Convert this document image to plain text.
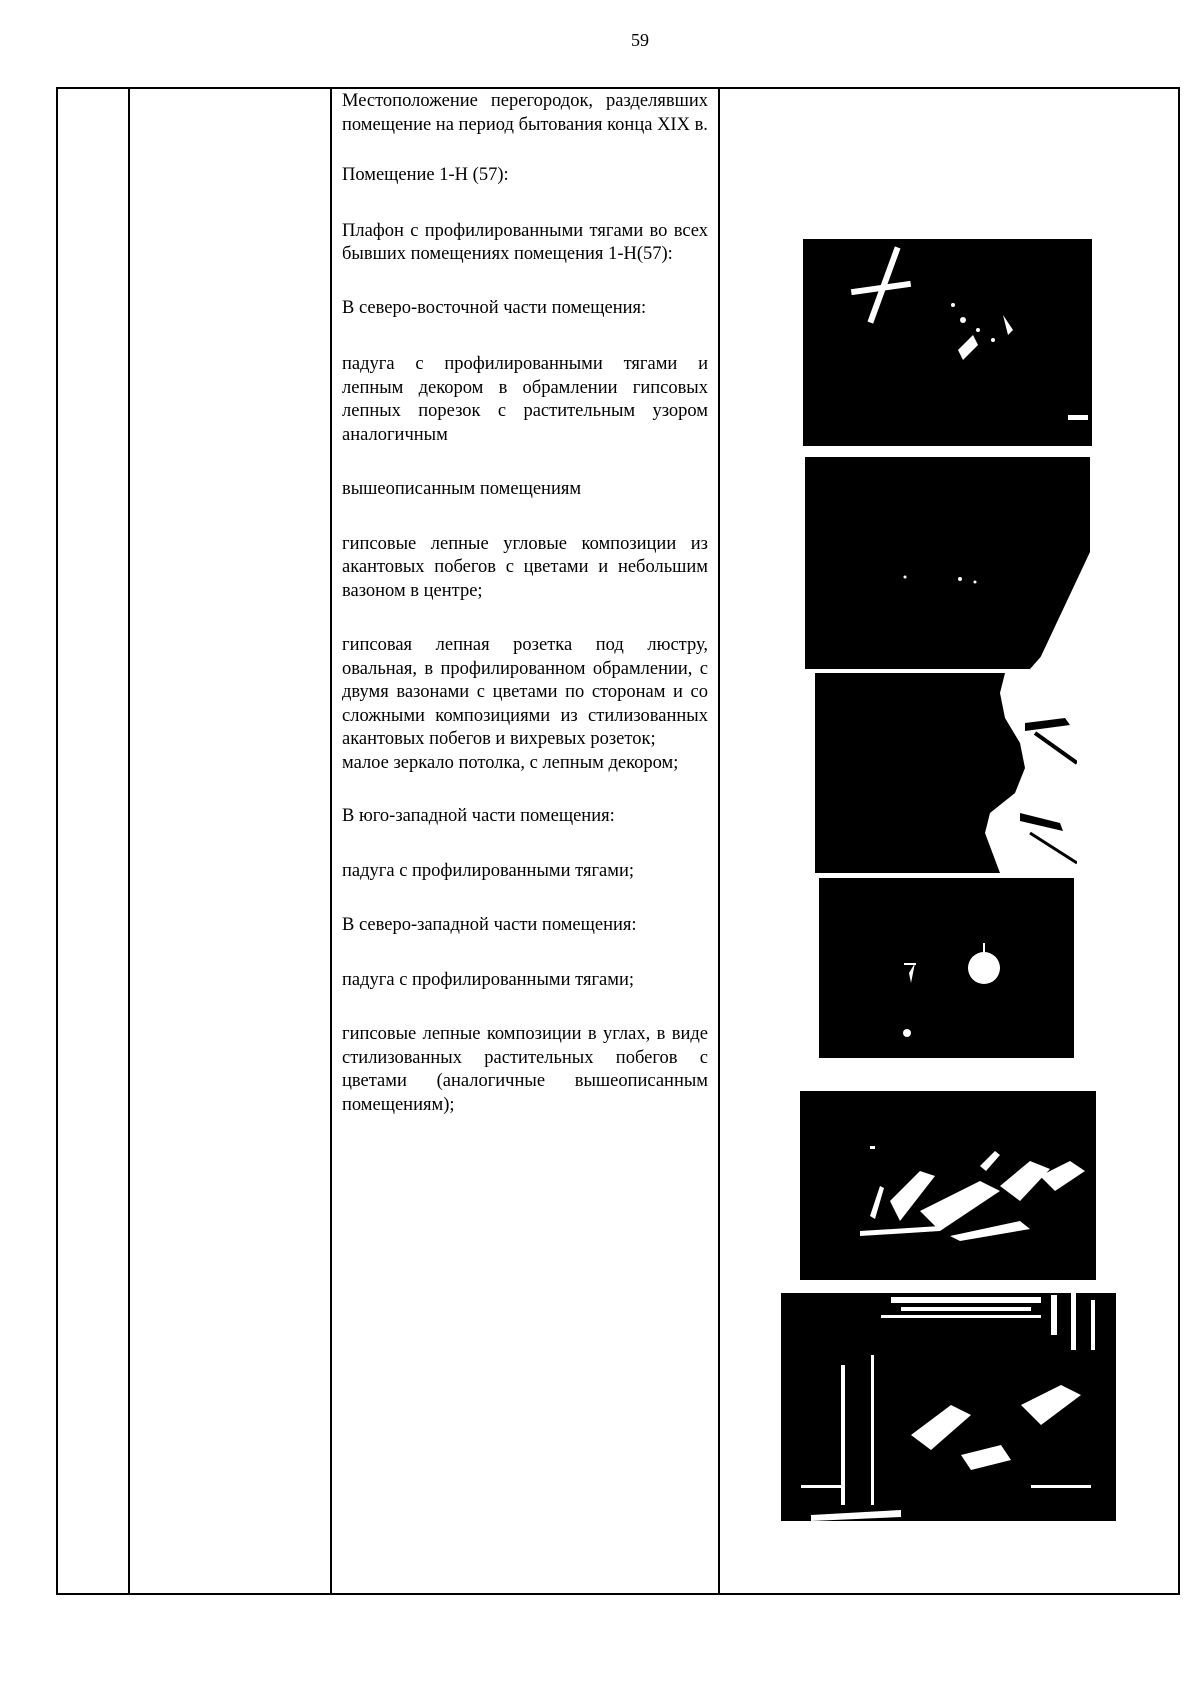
59

Местоположение перегородок, разделявших помещение на период бытования конца XIX в.

Помещение 1-Н (57):

Плафон с профилированными тягами во всех бывших помещениях помещения 1-Н(57):

В северо-восточной части помещения:

падуга с профилированными тягами и лепным декором в обрамлении гипсовых лепных порезок с растительным узором аналогичным

вышеописанным помещениям

гипсовые лепные угловые композиции из акантовых побегов с цветами и небольшим вазоном в центре;

гипсовая лепная розетка под люстру, овальная, в профилированном обрамлении, с двумя вазонами с цветами по сторонам и со сложными композициями из стилизованных акантовых побегов и вихревых розеток;

малое зеркало потолка, с лепным декором;

В юго-западной части помещения:

падуга с профилированными тягами;

В северо-западной части помещения:

падуга с профилированными тягами;

гипсовые лепные композиции в углах, в виде стилизованных растительных побегов с цветами (аналогичные вышеописанным помещениям);
